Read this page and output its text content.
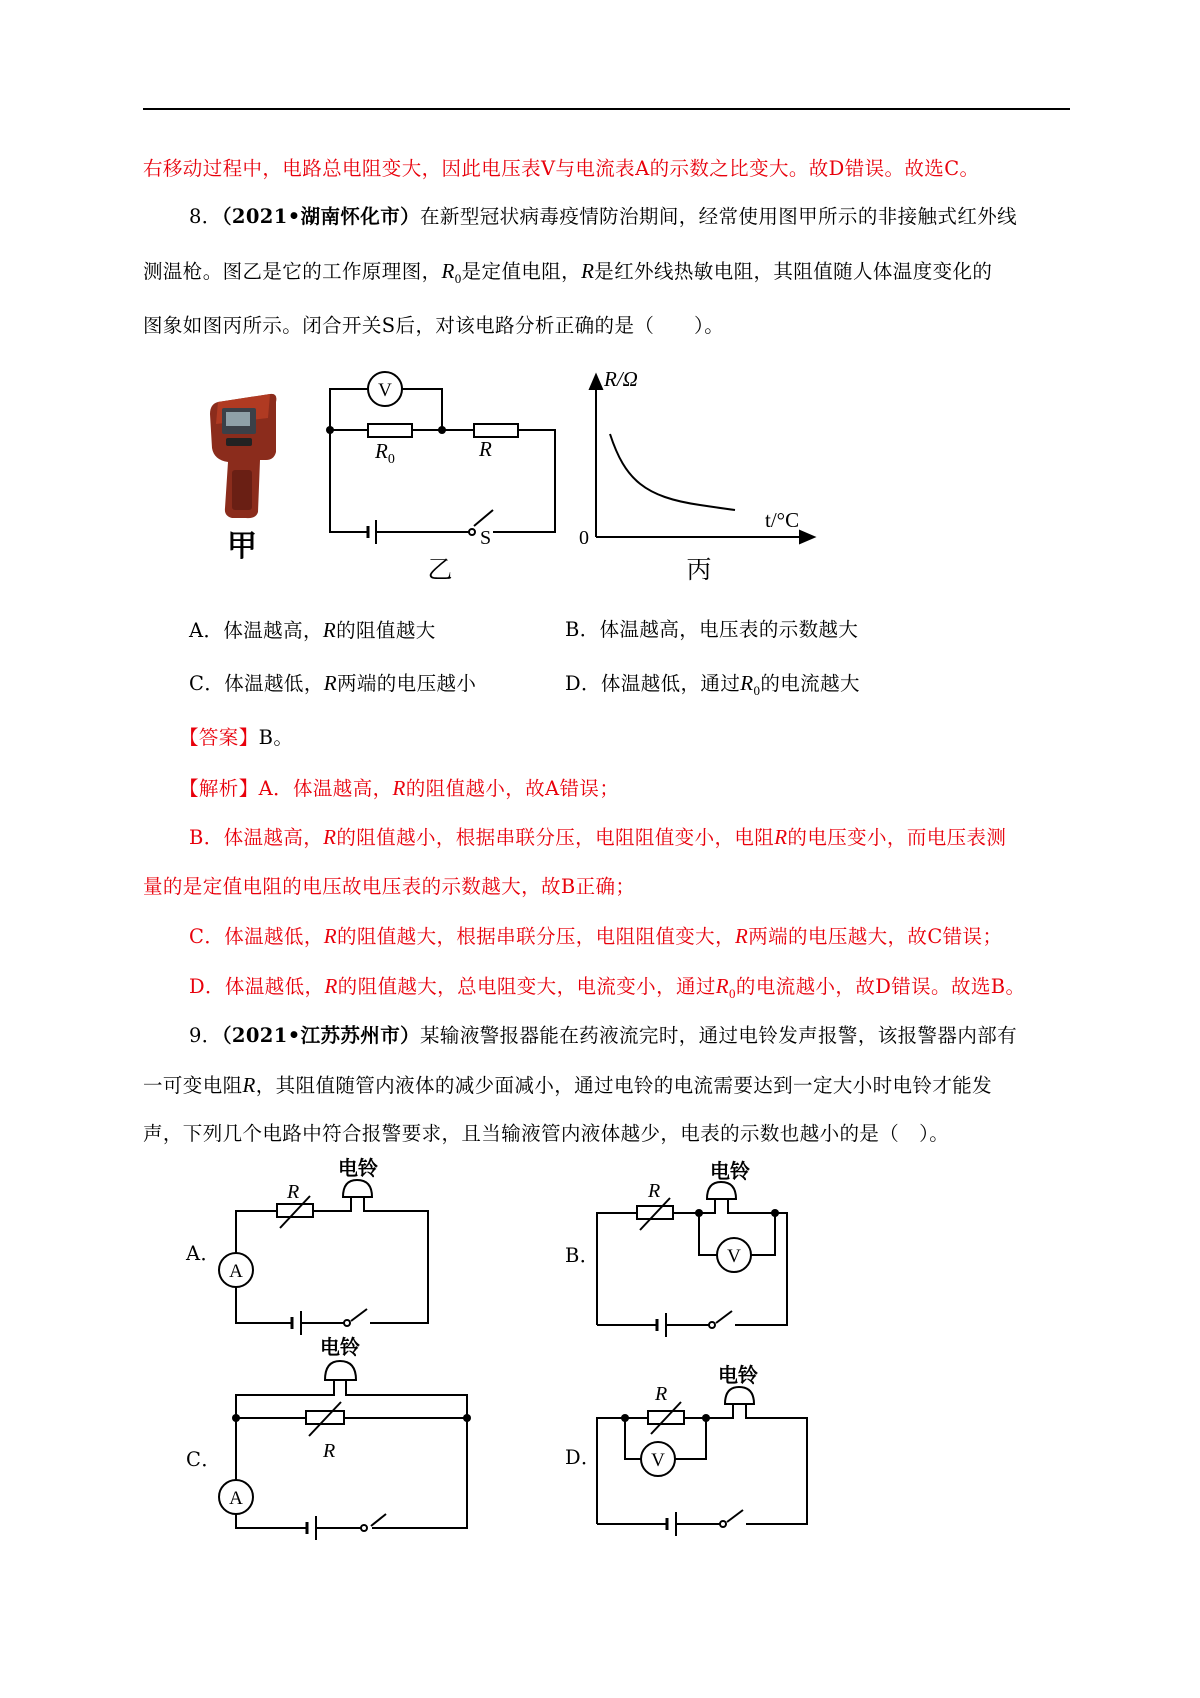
右移动过程中，电路总电阻变大，因此电压表V与电流表A的示数之比变大。故D错误。故选C。
8．（2021•湖南怀化市）在新型冠状病毒疫情防治期间，经常使用图甲所示的非接触式红外线
测温枪。图乙是它的工作原理图，$R_0$是定值电阻，R是红外线热敏电阻，其阻值随人体温度变化的
图象如图丙所示。闭合开关S后，对该电路分析正确的是（　　）。
甲
V
$R_0$	R
S
乙
R/Ω
t/°C
0
丙
A．体温越高，R的阻值越大	B．体温越高，电压表的示数越大
C．体温越低，R两端的电压越小	D．体温越低，通过$R_0$的电流越大
【答案】B。
【解析】A．体温越高，R的阻值越小，故A错误；
B．体温越高，R的阻值越小，根据串联分压，电阻阻值变小，电阻R的电压变小，而电压表测
量的是定值电阻的电压故电压表的示数越大，故B正确；
C．体温越低，R的阻值越大，根据串联分压，电阻阻值变大，R两端的电压越大，故C错误；
D．体温越低，R的阻值越大，总电阻变大，电流变小，通过$R_0$的电流越小，故D错误。故选B。
9．（2021•江苏苏州市）某输液警报器能在药液流完时，通过电铃发声报警，该报警器内部有
一可变电阻R，其阻值随管内液体的减少面减小，通过电铃的电流需要达到一定大小时电铃才能发
声，下列几个电路中符合报警要求，且当输液管内液体越少，电表的示数也越小的是（　）。
A．	B．
C．	D．
A
R
电铃
V
R
电铃
A
R
电铃
V
R
电铃
